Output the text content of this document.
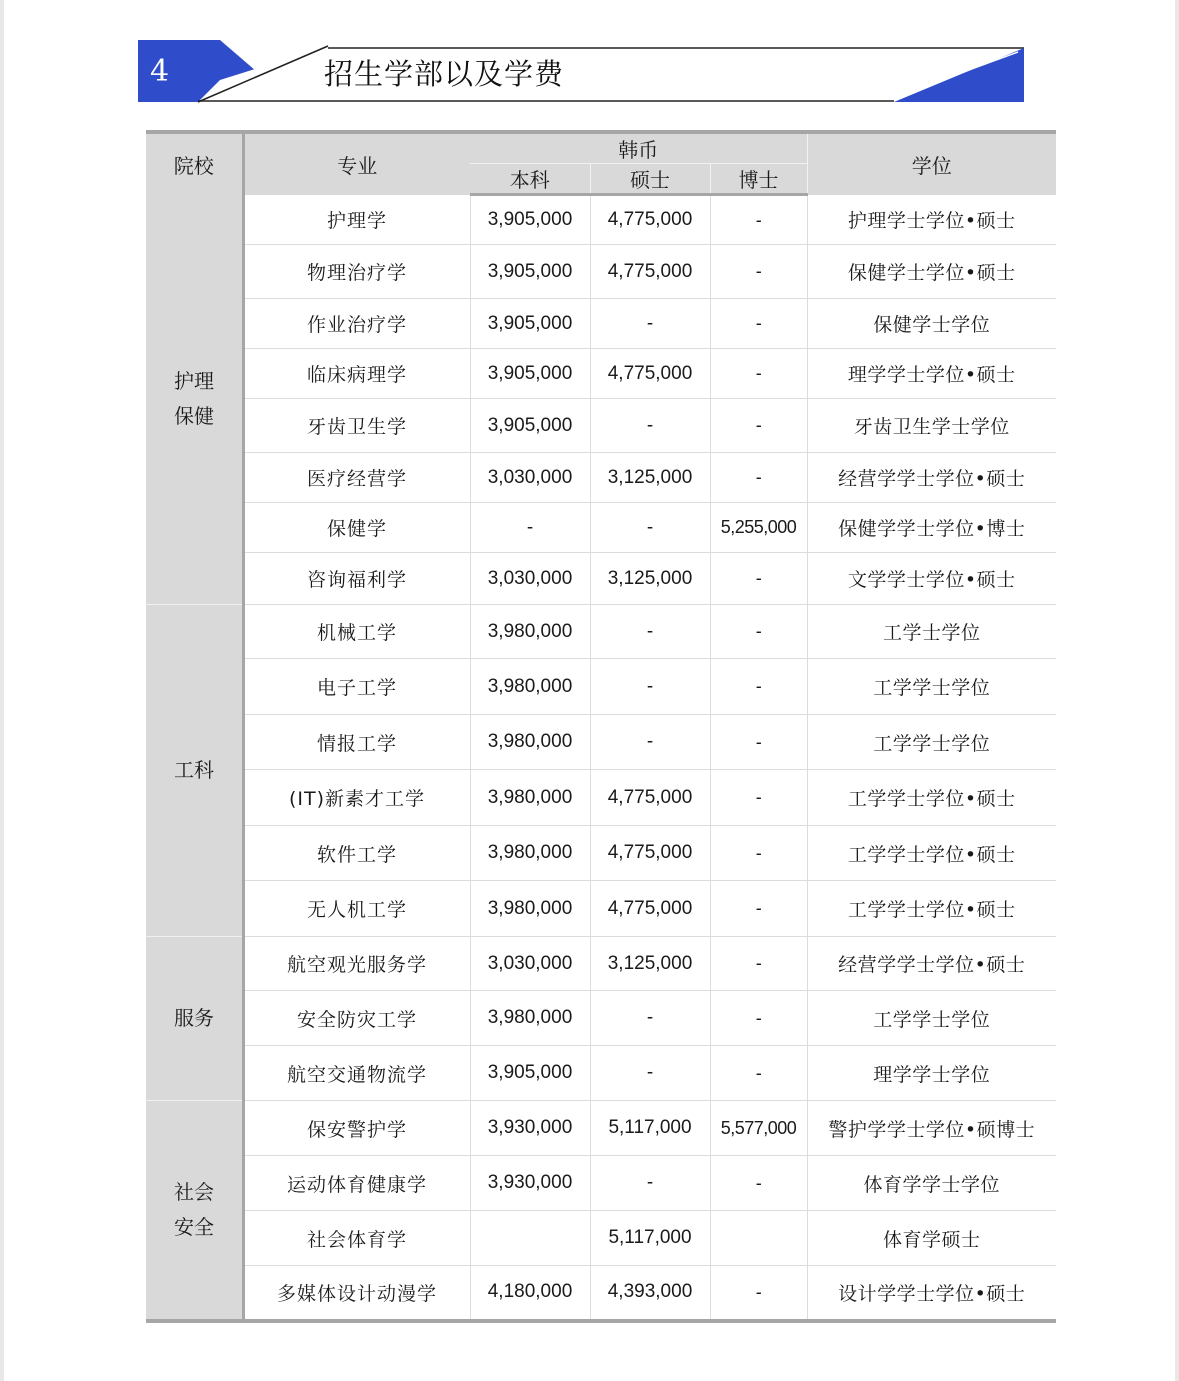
4	招生学部以及学费
院校	专业	韩币			学位
		本科	硕士	博士	
护理
保健	护理学	3,905,000	4,775,000	-	护理学士学位•硕士
	物理治疗学	3,905,000	4,775,000	-	保健学士学位•硕士
	作业治疗学	3,905,000	-	-	保健学士学位
	临床病理学	3,905,000	4,775,000	-	理学学士学位•硕士
	牙齿卫生学	3,905,000	-	-	牙齿卫生学士学位
	医疗经营学	3,030,000	3,125,000	-	经营学学士学位•硕士
	保健学	-	-	5,255,000	保健学学士学位•博士
	咨询福利学	3,030,000	3,125,000	-	文学学士学位•硕士
工科	机械工学	3,980,000	-	-	工学士学位
	电子工学	3,980,000	-	-	工学学士学位
	情报工学	3,980,000	-	-	工学学士学位
	(IT)新素才工学	3,980,000	4,775,000	-	工学学士学位•硕士
	软件工学	3,980,000	4,775,000	-	工学学士学位•硕士
	无人机工学	3,980,000	4,775,000	-	工学学士学位•硕士
服务	航空观光服务学	3,030,000	3,125,000	-	经营学学士学位•硕士
	安全防灾工学	3,980,000	-	-	工学学士学位
	航空交通物流学	3,905,000	-	-	理学学士学位
社会
安全	保安警护学	3,930,000	5,117,000	5,577,000	警护学学士学位•硕博士
	运动体育健康学	3,930,000	-	-	体育学学士学位
	社会体育学		5,117,000		体育学硕士
	多媒体设计动漫学	4,180,000	4,393,000	-	设计学学士学位•硕士
